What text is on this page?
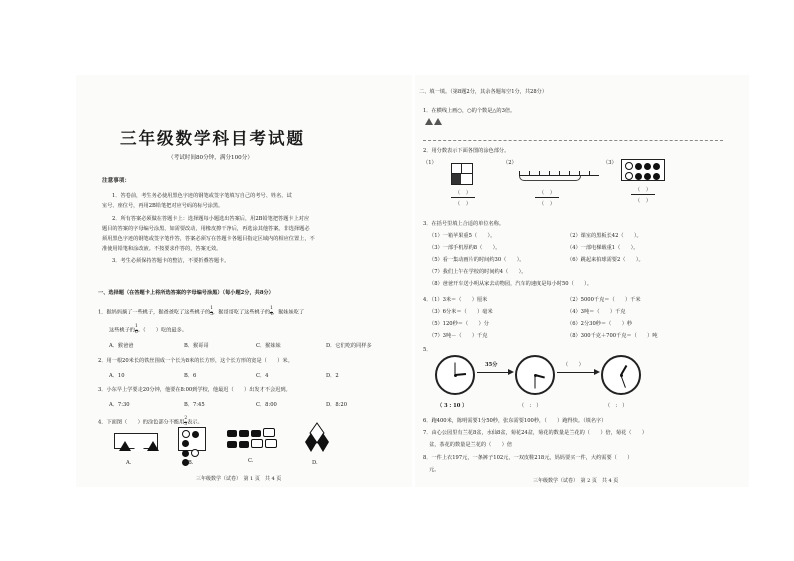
三年级数学科目考试题
（考试时间80分钟，满分100分）
注意事项：
1．答卷前，考生务必使用黑色字迹的钢笔或签字笔填写自己的考号、姓名、试
室号、座位号，再用2B铅笔把对应号码的标号涂黑。
2．所有答案必须做在答题卡上：选择题每小题选出答案后，用2B铅笔把答题卡上对应
题目的答案的字母编号涂黑，如需要改动，用橡皮擦干净后，再选涂其他答案。非选择题必
须用黑色字迹的钢笔或签字笔作答，答案必须写在答题卡各题目指定区域内的相应位置上，不
准使用铅笔和涂改液。不按要求作答的，答案无效。
3．考生必须保持答题卡的整洁，不要折叠答题卡。
一、选择题（在答题卡上将所选答案的字母编号涂黑）（每小题2分，共8分）
1．猴妈妈摘了一些桃子，猴爸爸吃了这些桃子的 $\frac{1}{5}$ ，猴哥哥吃了这些桃子的 $\frac{1}{4}$ ，猴妹妹吃了
这些桃子的 $\frac{1}{6}$ 。（　　）吃的最多。
A．猴爸爸	B．猴哥哥	C．猴妹妹	D．它们吃的同样多
2．用一根20米长的铁丝围成一个长为8米的长方形，这个长方形的宽是（　　）米。
A．10	B．6	C．4	D．2
3．小东早上学要走20分钟，他要在8:00到学校，他最迟（　　）出发才不会迟到。
A．7:30	B．7:45	C．8:00	D．8:20
4．下面图（　　）的涂色部分不能用 $\frac{2}{3}$ 表示。

A.	B.	C.	D.
三年级数学（试卷）　第 1 页　共 4 页
二、填一填。（第8题2分，其余各题每空1分，共28分）
1．在横线上画○，○的个数是△的3倍。
2．用分数表示下面各图的涂色部分。
（1）	（2）	（3）

（　）
（　）
（　）
（　）
（　）
（　）
3．在括号里填上合适的单位名称。
（1）一箱苹果重5（　　）。	（2）课室的黑板长42（　　）。
（3）一部手机厚约8（　　）。	（4）一部电梯载重1（　　）。
（5）看一集动画片的时间约30（　　）。	（6）跳起来拍球需要2（　　）。
（7）我们上午在学校的时间约4（　　）。
（8）爸爸开车送小明从家去动物园，汽车的速度是每小时50（　　）。
4．（1）3米＝（　　）厘米	（2）5000千克＝（　　）千米
（3）6分米＝（　　）毫米	（4）3吨＝（　　）千克
（5）120秒＝（　　）分	（6）2分30秒＝（　　）秒
（7）3吨－（　　）千克	（8）300千克＋700千克＝（　　）吨
5．
35分	（　　）
（ 3 : 10 ）	（　:　）	（　:　）
6．跑400米，陈明需要1分50秒，张东需要100秒，（　　）跑得快。（填名字）
7．由心公园里有兰花8盆，水仙8盆，菊花24盆，菊花的数量是兰花的（　　）倍，菊花（　　）
盆，茶花的数量是兰花的（　　）倍
8．一件上衣197元，一条裤子102元，一双皮鞋218元，妈妈要买一件，大约需要（　　）
元。
三年级数学（试卷）　第 2 页　共 4 页
